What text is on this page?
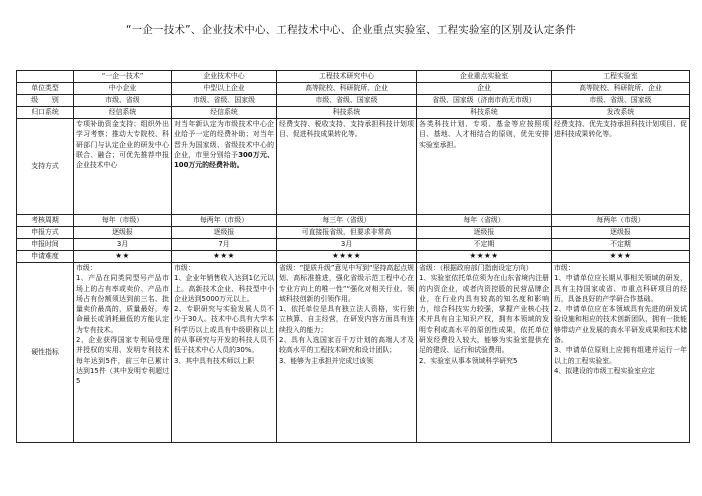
“一企一技术”、企业技术中心、工程技术中心、企业重点实验室、工程实验室的区别及认定条件
	“一企一技术”	企业技术中心	工程技术研究中心	企业重点实验室	工程实验室
单位类型	中小企业	中型以上企业	高等院校、科研院所、企业	企业	高等院校、科研院所、企业
级　　别	市级、省级	市级、省级、国家级	市级、省级、国家级	省级、国家级（济南市尚无市级）	市级、省级、国家级
归口系统	经信系统	经信系统	科技系统	科技系统	发改系统
支持方式	专项补助资金支持；组织外出学习考察；推动大专院校、科研部门与认定企业的研发中心联合、融合；可优先推荐申报企业技术中心	对当年新认定为市级技术中心企业给予一定的经费补助；对当年晋升为国家级、省级技术中心的企业，市里分别给予300万元、100万元的经费补助。	经费支持、税收支持、支持承担科技计划项目、促进科技成果转化等。	各类科技计划、专项、基金等应按照项目、基地、人才相结合的原则，优先安排实验室承担。	经费支持、优先支持承担科技计划项目、促进科技成果转化等。
考核周期	每年（市级）	每两年（市级）	每三年（省级）	每年（省级）	每两年（市级）
申报方式	逐级报	逐级报	可直接报省级，但要求非常高	逐级报	逐级报
申报时间	3月	7月	3月	不定期	不定期
申请难度	★★	★★★	★★★★	★★★★	★★★
硬性指标	市级：
1、产品在同类同型号产品市场上的占有率或卖价、产品市场占有份额须达到前三名、批量卖价最高的，质量最好，寿命最长或消耗最低的方能认定为专有技术。
2、企业获得国家专利局受理并授权的实用、发明专利技术每年达到5件，前三年已累计达到15件（其中发明专利超过5	市级：
1、企业年销售收入达到1亿元以上。高新技术企业、科技型中小企业达到5000万元以上。
2、专职研究与实验发展人员不少于30人。技术中心具有大学本科学历以上或具有中级职称以上的从事研究与开发的科技人员不低于技术中心人员的30%。
3、其中具有技术师以上职	省级：“提质升级”意见中写到“坚持高起点规划、高标准推进，强化省级示范工程中心在专业方向上的唯一性”“强化对相关行业、领域科技创新的引领作用。
1、依托单位是具有独立法人资格，实行独立核算、自主经营，在研发内容方面具有连续投入的能力；
2、具有入选国家百千万计划的高端人才及较高水平的工程技术研究和设计团队；
3、能够为主承担并完成过该领	省级：（根据政府部门指南设定方向）
1、实验室依托单位须为在山东省境内注册的内资企业，或者内资控股的民营品牌企业，在行业内具有较高的知名度和影响力，综合科技实力较强，掌握产业核心技术并具有自主知识产权，拥有本领域的发明专利或高水平的原创性成果，依托单位研发经费投入较大，能够为实验室提供充足的建设、运行和试验费用。
2、实验室从事本领域科学研究5	市级：
1、申请单位应长期从事相关领域的研发，具有主持国家或省、市重点科研项目的经历，具备良好的产学研合作基础。
2、申请单位应在本领域具有先进的研发试验设施和相应的技术创新团队，拥有一批能够带动产业发展的高水平研发成果和技术储备。
3、申请单位原则上应拥有组建并运行一年以上的工程实验室。
4、拟建设的市级工程实验室应定
